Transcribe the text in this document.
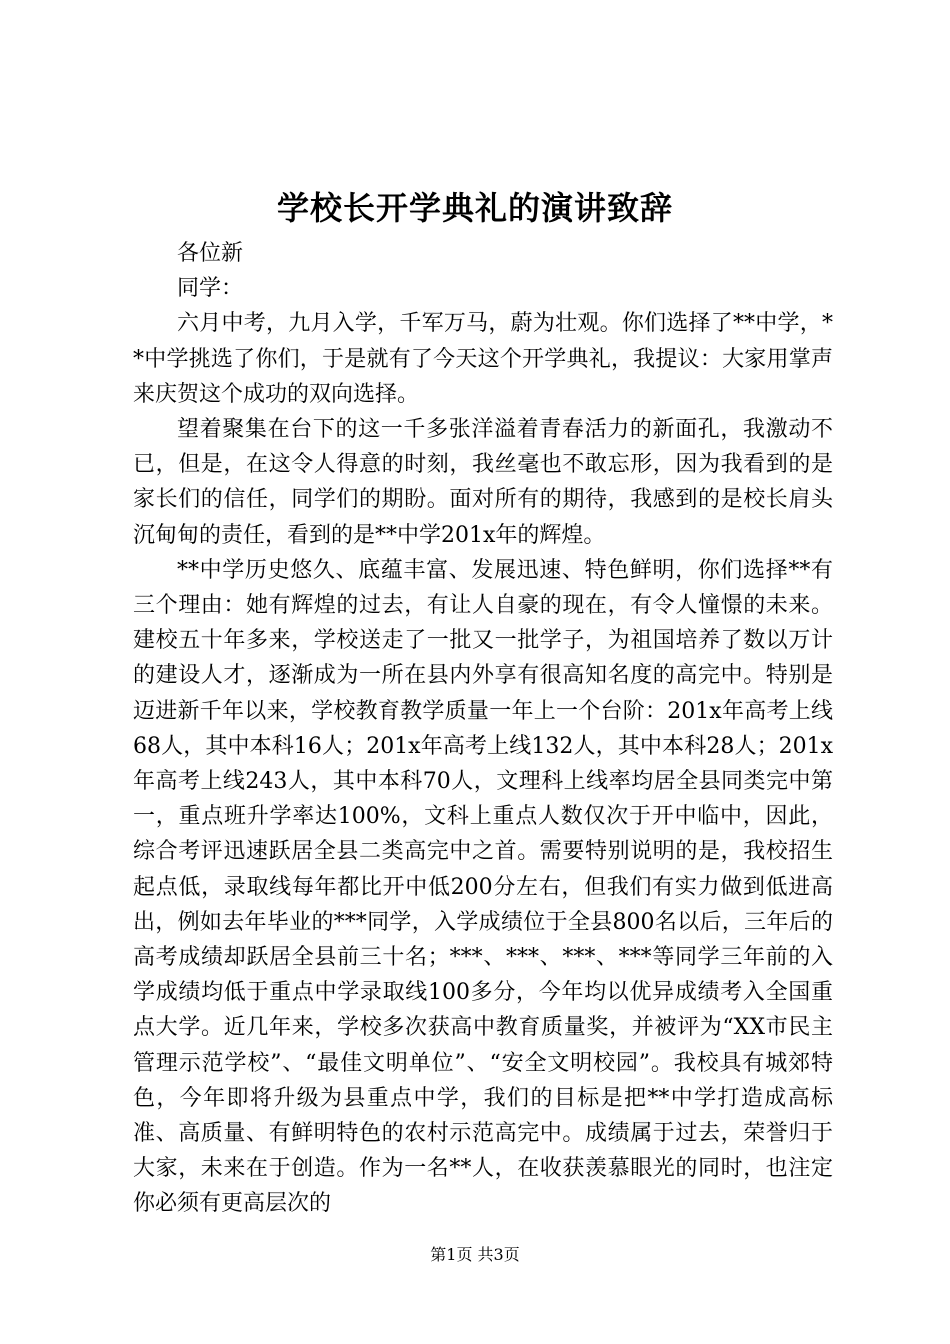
学校长开学典礼的演讲致辞

各位新

同学：

六月中考，九月入学，千军万马，蔚为壮观。你们选择了**中学，**中学挑选了你们，于是就有了今天这个开学典礼，我提议：大家用掌声来庆贺这个成功的双向选择。

望着聚集在台下的这一千多张洋溢着青春活力的新面孔，我激动不已，但是，在这令人得意的时刻，我丝毫也不敢忘形，因为我看到的是家长们的信任，同学们的期盼。面对所有的期待，我感到的是校长肩头沉甸甸的责任，看到的是**中学201x年的辉煌。

**中学历史悠久、底蕴丰富、发展迅速、特色鲜明，你们选择**有三个理由：她有辉煌的过去，有让人自豪的现在，有令人憧憬的未来。建校五十年多来，学校送走了一批又一批学子，为祖国培养了数以万计的建设人才，逐渐成为一所在县内外享有很高知名度的高完中。特别是迈进新千年以来，学校教育教学质量一年上一个台阶：201x年高考上线68人，其中本科16人；201x年高考上线132人，其中本科28人；201x年高考上线243人，其中本科70人，文理科上线率均居全县同类完中第一，重点班升学率达100%，文科上重点人数仅次于开中临中，因此，综合考评迅速跃居全县二类高完中之首。需要特别说明的是，我校招生起点低，录取线每年都比开中低200分左右，但我们有实力做到低进高出，例如去年毕业的***同学，入学成绩位于全县800名以后，三年后的高考成绩却跃居全县前三十名；***、***、***、***等同学三年前的入学成绩均低于重点中学录取线100多分，今年均以优异成绩考入全国重点大学。近几年来，学校多次获高中教育质量奖，并被评为“XX市民主管理示范学校”、“最佳文明单位”、“安全文明校园”。我校具有城郊特色，今年即将升级为县重点中学，我们的目标是把**中学打造成高标准、高质量、有鲜明特色的农村示范高完中。成绩属于过去，荣誉归于大家，未来在于创造。作为一名**人，在收获羡慕眼光的同时，也注定你必须有更高层次的

第1页 共3页
